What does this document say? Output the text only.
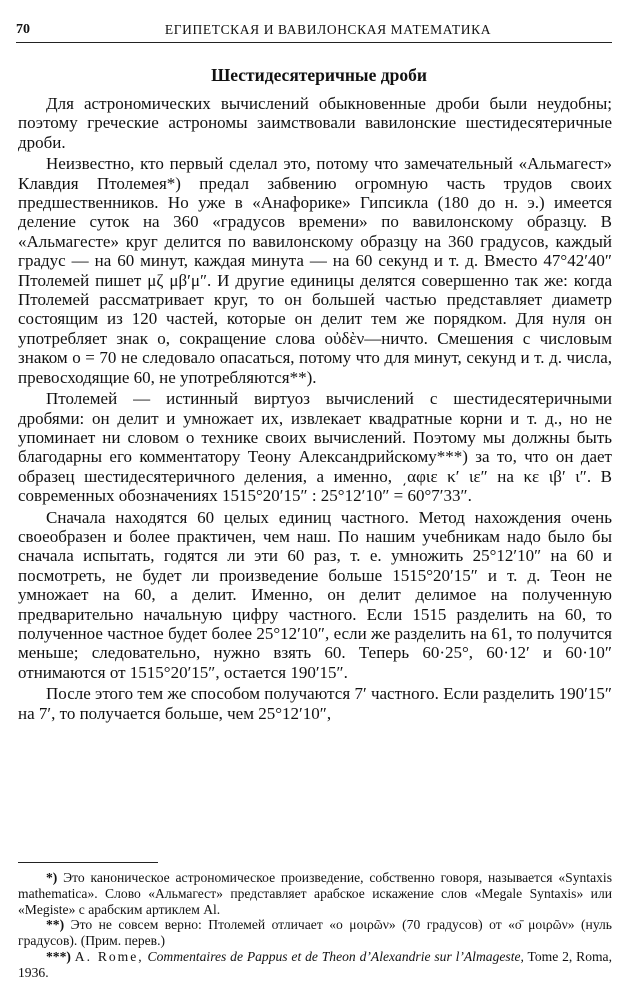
70	ЕГИПЕТСКАЯ И ВАВИЛОНСКАЯ МАТЕМАТИКА
Шестидесятеричные дроби

Для астрономических вычислений обыкновенные дроби были неудобны; поэтому греческие астрономы заимствовали вавилонские шестидесятеричные дроби.

Неизвестно, кто первый сделал это, потому что замечательный «Альмагест» Клавдия Птолемея*) предал забвению огромную часть трудов своих предшественников. Но уже в «Анафорике» Гипсикла (180 до н. э.) имеется деление суток на 360 «градусов времени» по вавилонскому образцу. В «Альмагесте» круг делится по вавилонскому образцу на 360 градусов, каждый градус — на 60 минут, каждая минута — на 60 секунд и т. д. Вместо 47°42′40″ Птолемей пишет μζ μβ′μ″. И другие единицы делятся совершенно так же: когда Птолемей рассматривает круг, то он большей частью представляет диаметр состоящим из 120 частей, которые он делит тем же порядком. Для нуля он употребляет знак ο, сокращение слова οὐδὲν—ничто. Смешения с числовым знаком ο = 70 не следовало опасаться, потому что для минут, секунд и т. д. числа, превосходящие 60, не употребляются**).

Птолемей — истинный виртуоз вычислений с шестидесятеричными дробями: он делит и умножает их, извлекает квадратные корни и т. д., но не упоминает ни словом о технике своих вычислений. Поэтому мы должны быть благодарны его комментатору Теону Александрийскому***) за то, что он дает образец шестидесятеричного деления, а именно, ͵αφιε κ′ ιε″ на κε ιβ′ ι″. В современных обозначениях 1515°20′15″ : 25°12′10″ = 60°7′33″.

Сначала находятся 60 целых единиц частного. Метод нахождения очень своеобразен и более практичен, чем наш. По нашим учебникам надо было бы сначала испытать, годятся ли эти 60 раз, т. е. умножить 25°12′10″ на 60 и посмотреть, не будет ли произведение больше 1515°20′15″ и т. д. Теон не умножает на 60, а делит. Именно, он делит делимое на полученную предварительно начальную цифру частного. Если 1515 разделить на 60, то полученное частное будет более 25°12′10″, если же разделить на 61, то получится меньше; следовательно, нужно взять 60. Теперь 60·25°, 60·12′ и 60·10″ отнимаются от 1515°20′15″, остается 190′15″.

После этого тем же способом получаются 7′ частного. Если разделить 190′15″ на 7′, то получается больше, чем 25°12′10″,

*) Это каноническое астрономическое произведение, собственно говоря, называется «Syntaxis mathematica». Слово «Альмагест» представляет арабское искажение слов «Megale Syntaxis» или «Megiste» с арабским артиклем Al.

**) Это не совсем верно: Птолемей отличает «ο μοιρῶν» (70 градусов) от «ο̄ μοιρῶν» (нуль градусов). (Прим. перев.)

***) A. Rome, Commentaires de Pappus et de Theon d’Alexandrie sur l’Almageste, Tome 2, Roma, 1936.
